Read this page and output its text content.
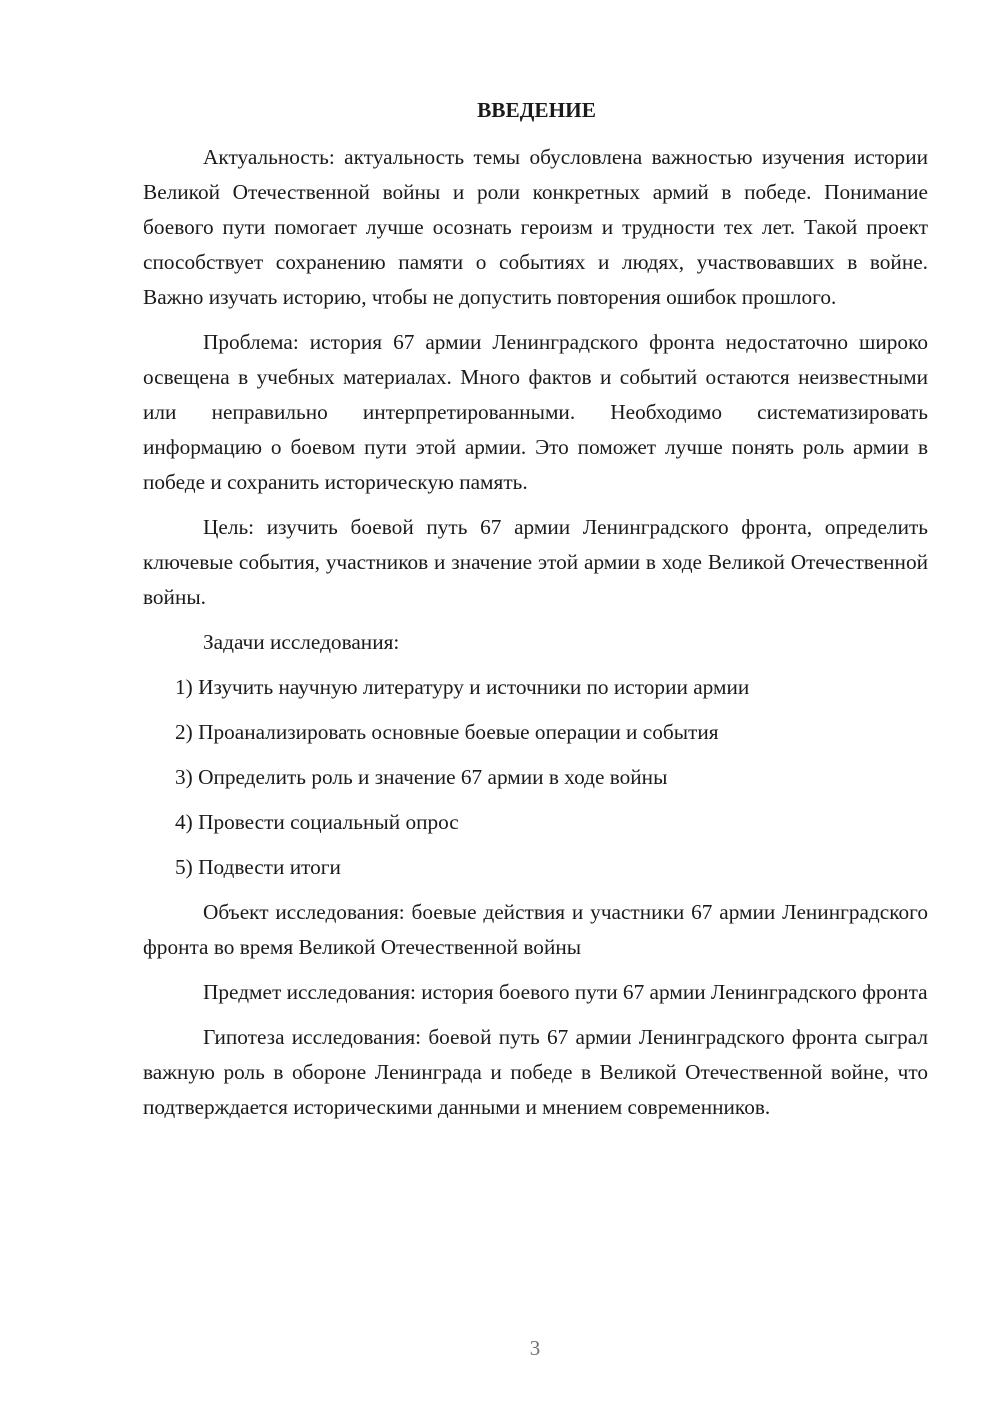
ВВЕДЕНИЕ

Актуальность: актуальность темы обусловлена важностью изучения истории Великой Отечественной войны и роли конкретных армий в победе. Понимание боевого пути помогает лучше осознать героизм и трудности тех лет. Такой проект способствует сохранению памяти о событиях и людях, участвовавших в войне. Важно изучать историю, чтобы не допустить повторения ошибок прошлого.

Проблема: история 67 армии Ленинградского фронта недостаточно широко освещена в учебных материалах. Много фактов и событий остаются неизвестными или неправильно интерпретированными. Необходимо систематизировать информацию о боевом пути этой армии. Это поможет лучше понять роль армии в победе и сохранить историческую память.

Цель: изучить боевой путь 67 армии Ленинградского фронта, определить ключевые события, участников и значение этой армии в ходе Великой Отечественной войны.

Задачи исследования:

1) Изучить научную литературу и источники по истории армии
2) Проанализировать основные боевые операции и события
3) Определить роль и значение 67 армии в ходе войны
4) Провести социальный опрос
5) Подвести итоги

Объект исследования: боевые действия и участники 67 армии Ленинградского фронта во время Великой Отечественной войны

Предмет исследования: история боевого пути 67 армии Ленинградского фронта

Гипотеза исследования: боевой путь 67 армии Ленинградского фронта сыграл важную роль в обороне Ленинграда и победе в Великой Отечественной войне, что подтверждается историческими данными и мнением современников.

3
